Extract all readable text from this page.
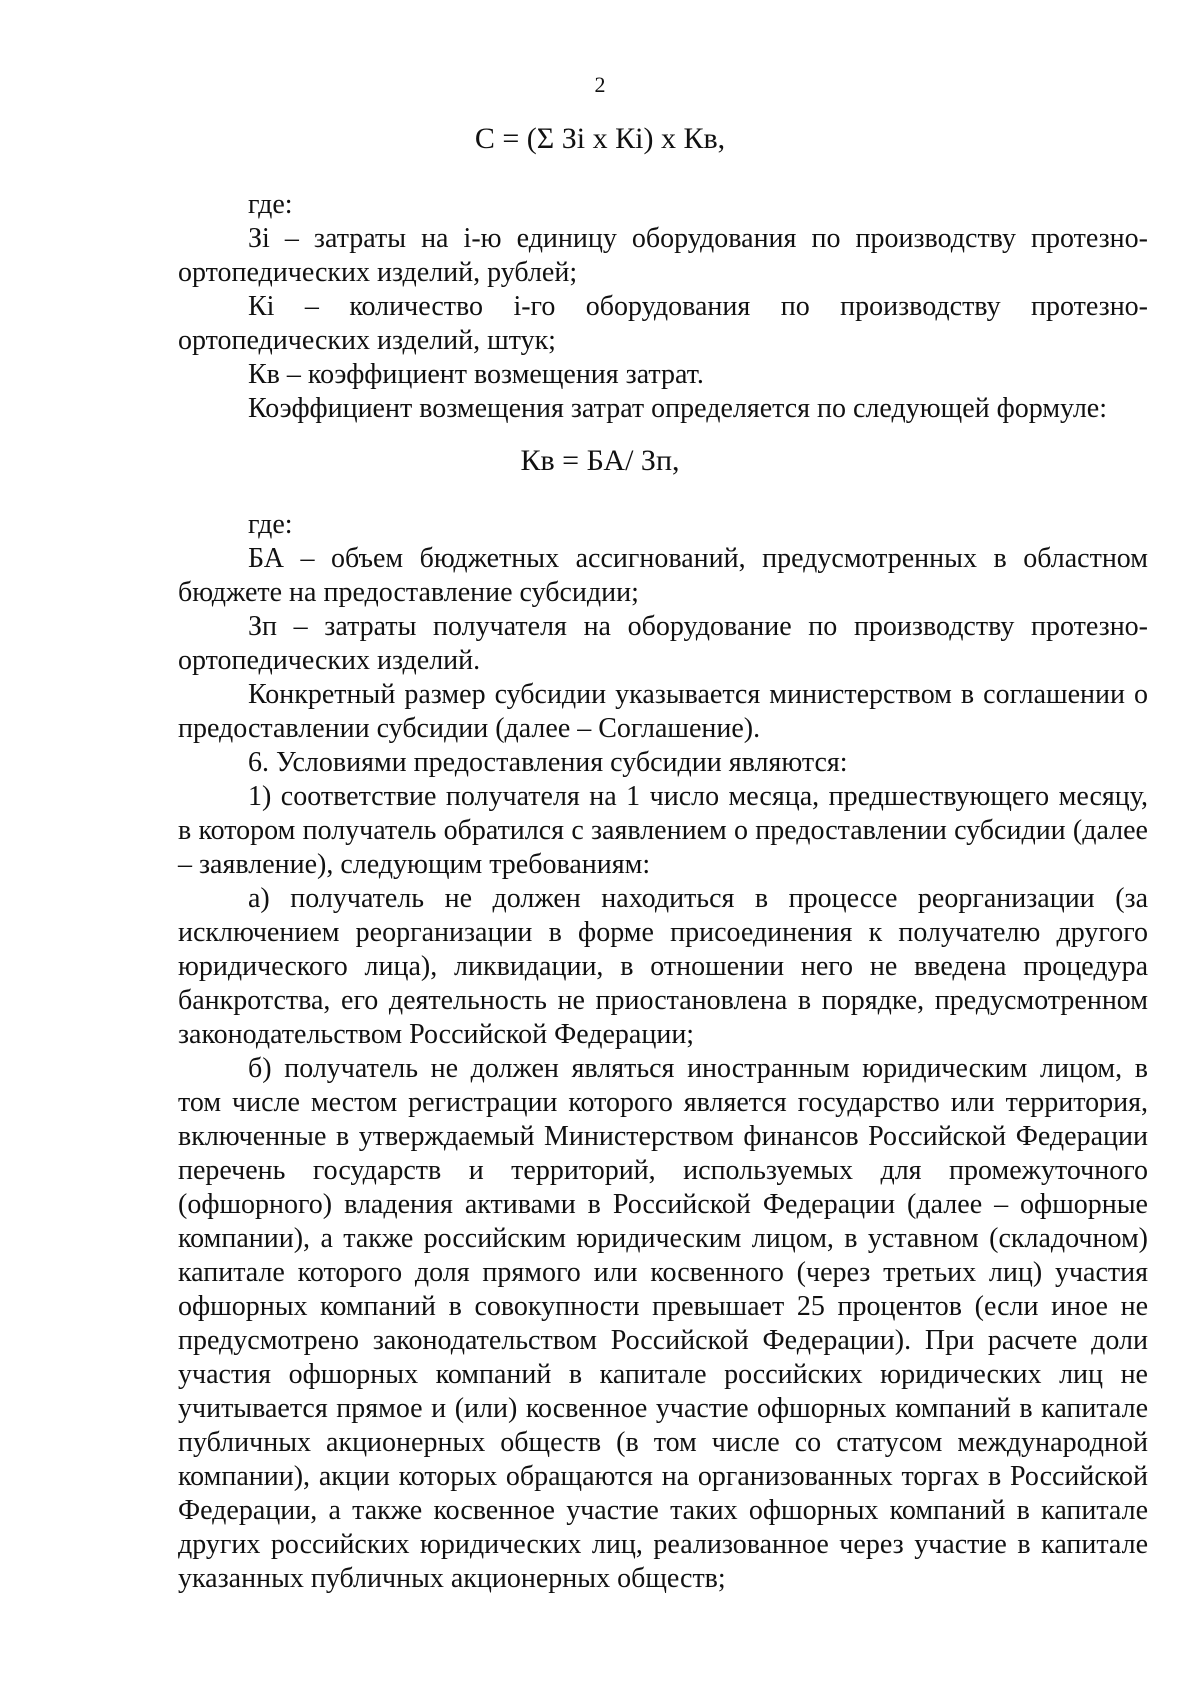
2
С = (Σ Зi х Кi) х Кв,

где:

Зi – затраты на i-ю единицу оборудования по производству протезно-ортопедических изделий, рублей;

Кi – количество i-го оборудования по производству протезно-ортопедических изделий, штук;

Кв – коэффициент возмещения затрат.

Коэффициент возмещения затрат определяется по следующей формуле:

Кв = БА/ Зп,

где:

БА – объем бюджетных ассигнований, предусмотренных в областном бюджете на предоставление субсидии;

Зп – затраты получателя на оборудование по производству протезно-ортопедических изделий.

Конкретный размер субсидии указывается министерством в соглашении о предоставлении субсидии (далее – Соглашение).

6. Условиями предоставления субсидии являются:

1) соответствие получателя на 1 число месяца, предшествующего месяцу, в котором получатель обратился с заявлением о предоставлении субсидии (далее – заявление), следующим требованиям:

а) получатель не должен находиться в процессе реорганизации (за исключением реорганизации в форме присоединения к получателю другого юридического лица), ликвидации, в отношении него не введена процедура банкротства, его деятельность не приостановлена в порядке, предусмотренном законодательством Российской Федерации;

б) получатель не должен являться иностранным юридическим лицом, в том числе местом регистрации которого является государство или территория, включенные в утверждаемый Министерством финансов Российской Федерации перечень государств и территорий, используемых для промежуточного (офшорного) владения активами в Российской Федерации (далее – офшорные компании), а также российским юридическим лицом, в уставном (складочном) капитале которого доля прямого или косвенного (через третьих лиц) участия офшорных компаний в совокупности превышает 25 процентов (если иное не предусмотрено законодательством Российской Федерации). При расчете доли участия офшорных компаний в капитале российских юридических лиц не учитывается прямое и (или) косвенное участие офшорных компаний в капитале публичных акционерных обществ (в том числе со статусом международной компании), акции которых обращаются на организованных торгах в Российской Федерации, а также косвенное участие таких офшорных компаний в капитале других российских юридических лиц, реализованное через участие в капитале указанных публичных акционерных обществ;
